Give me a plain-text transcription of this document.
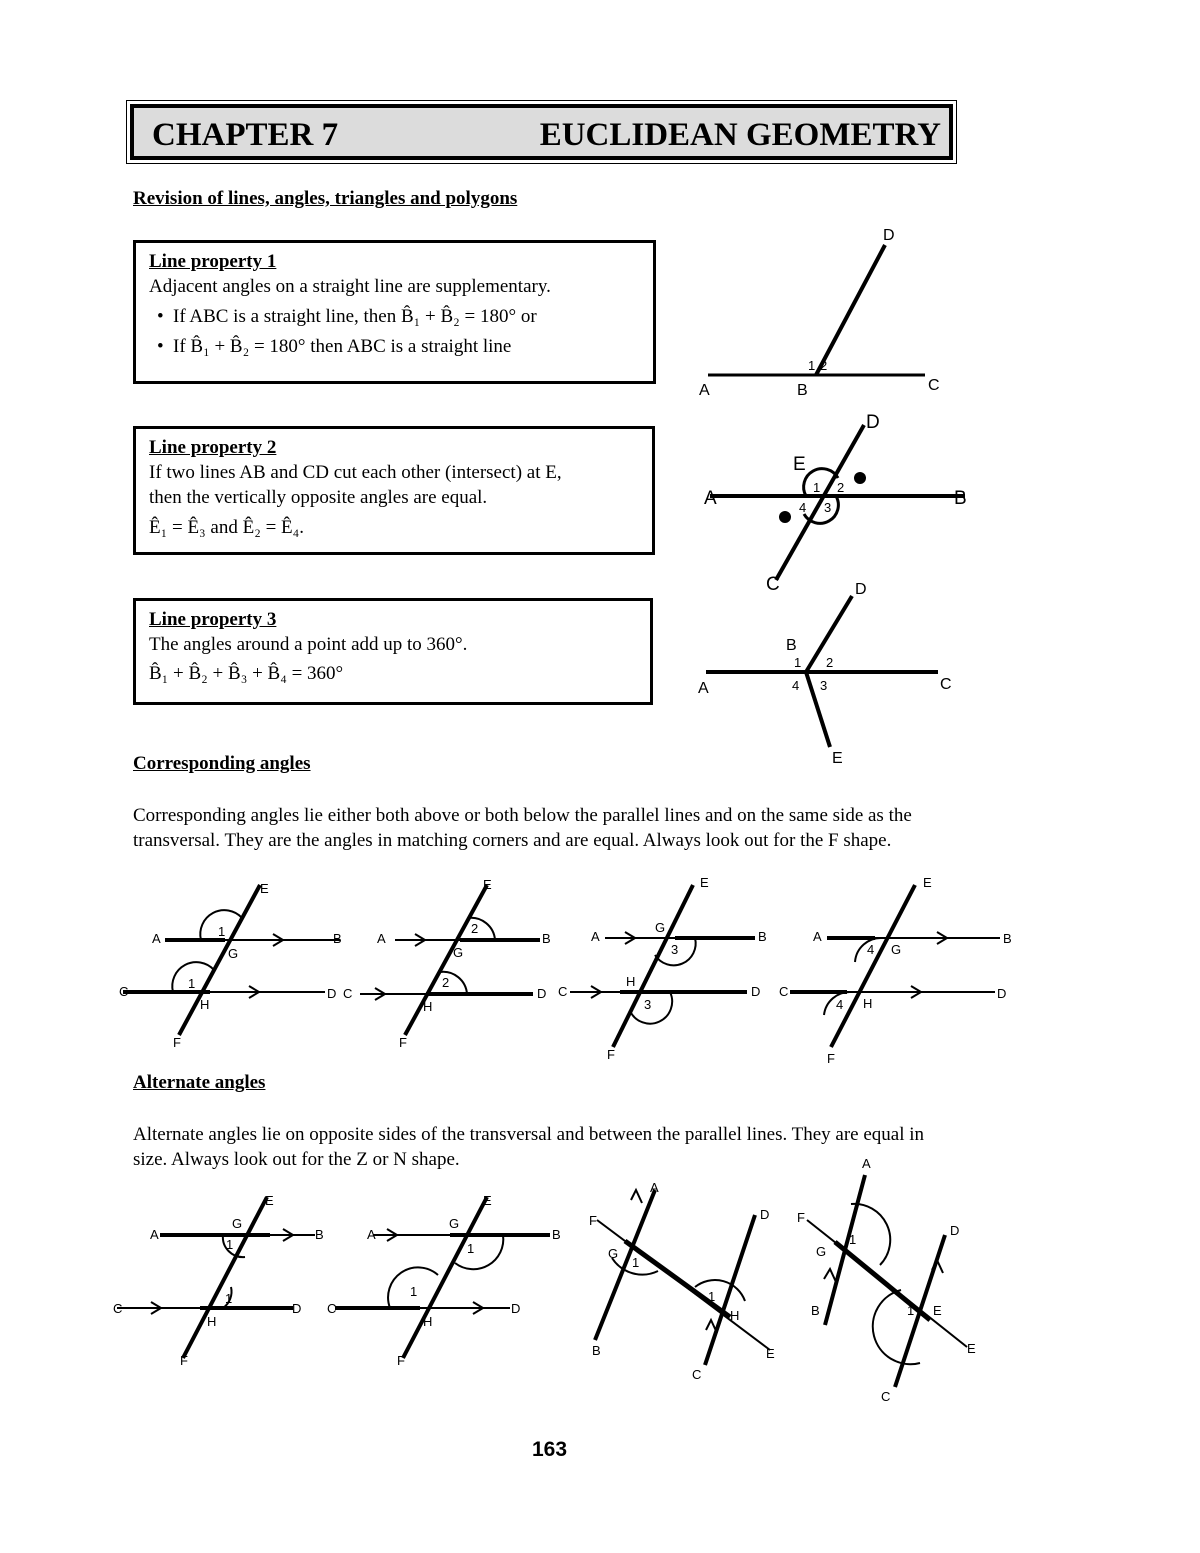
CHAPTER 7	EUCLIDEAN GEOMETRY
Revision of lines, angles, triangles and polygons
Line property 1
Adjacent angles on a straight line are supplementary.
• If ABC is a straight line, then B̂₁ + B̂₂ = 180° or
• If B̂₁ + B̂₂ = 180° then ABC is a straight line
Line property 2
If two lines AB and CD cut each other (intersect) at E,
then the vertically opposite angles are equal.
Ê₁ = Ê₃ and Ê₂ = Ê₄.
Line property 3
The angles around a point add up to 360°.
B̂₁ + B̂₂ + B̂₃ + B̂₄ = 360°
A	B	C
D
1 2
A	B
C
D
E
1 2
3
4
A
B
C
D
E
1 2
3
4
Corresponding angles
Corresponding angles lie either both above or both below the parallel lines and on the same side as the transversal. They are the angles in matching corners and are equal. Always look out for the F shape.
A	B
C	D
E
F
G
H
1
1
A	B
C	D
E
F
G
H
2
2
A	B
C	D
E
F
G
H
3
3
A	B
C	D
E
F
G
H
4
4
Alternate angles
Alternate angles lie on opposite sides of the transversal and between the parallel lines. They are equal in size. Always look out for the Z or N shape.
A	B
C	D
E
F
G
H
1
1
A	B
C	D
E
F
G
H
1
1
A
B
C
D
E
F
G
H
1
1
A
B
C
D
E
F
G
E
1
1
163
